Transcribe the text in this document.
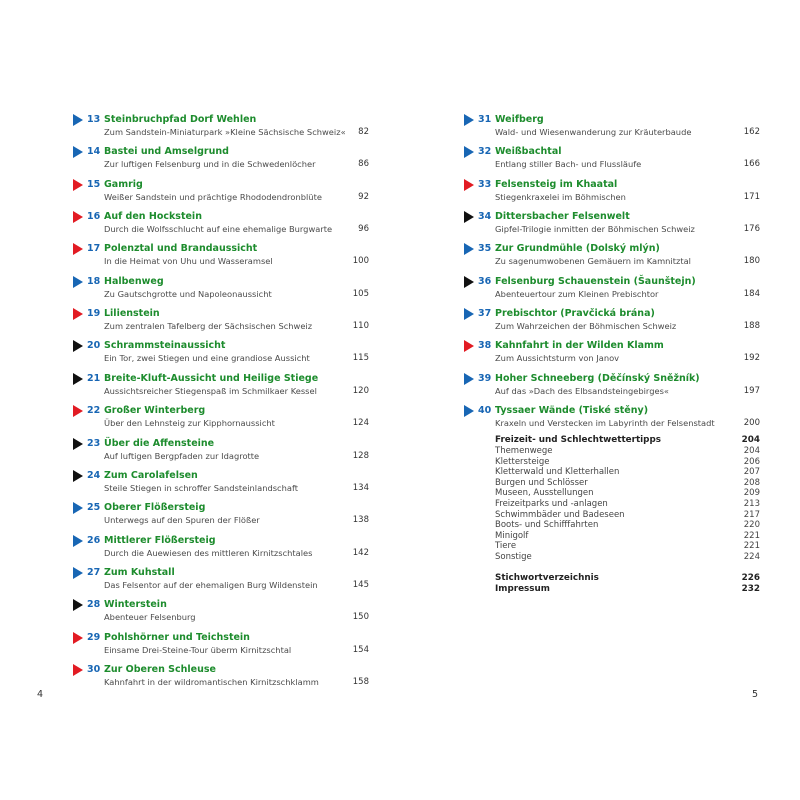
13 Steinbruchpfad Dorf Wehlen
Zum Sandstein-Miniaturpark »Kleine Sächsische Schweiz« 82
14 Bastei und Amselgrund
Zur luftigen Felsenburg und in die Schwedenlöcher	86
15 Gamrig
Weißer Sandstein und prächtige Rhododendronblüte	92
16 Auf den Hockstein
Durch die Wolfsschlucht auf eine ehemalige Burgwarte	96
17 Polenztal und Brandaussicht
In die Heimat von Uhu und Wasseramsel	100
18 Halbenweg
Zu Gautschgrotte und Napoleonaussicht	105
19 Lilienstein
Zum zentralen Tafelberg der Sächsischen Schweiz	110
20 Schrammsteinaussicht
Ein Tor, zwei Stiegen und eine grandiose Aussicht	115
21 Breite-Kluft-Aussicht und Heilige Stiege
Aussichtsreicher Stiegenspaß im Schmilkaer Kessel	120
22 Großer Winterberg
Über den Lehnsteig zur Kipphornaussicht	124
23 Über die Affensteine
Auf luftigen Bergpfaden zur Idagrotte	128
24 Zum Carolafelsen
Steile Stiegen in schroffer Sandsteinlandschaft	134
25 Oberer Flößersteig
Unterwegs auf den Spuren der Flößer	138
26 Mittlerer Flößersteig
Durch die Auewiesen des mittleren Kirnitzschtales	142
27 Zum Kuhstall
Das Felsentor auf der ehemaligen Burg Wildenstein	145
28 Winterstein
Abenteuer Felsenburg	150
29 Pohlshörner und Teichstein
Einsame Drei-Steine-Tour überm Kirnitzschtal	154
30 Zur Oberen Schleuse
Kahnfahrt in der wildromantischen Kirnitzschklamm	158
31 Weifberg
Wald- und Wiesenwanderung zur Kräuterbaude	162
32 Weißbachtal
Entlang stiller Bach- und Flussläufe	166
33 Felsensteig im Khaatal
Stiegenkraxelei im Böhmischen	171
34 Dittersbacher Felsenwelt
Gipfel-Trilogie inmitten der Böhmischen Schweiz	176
35 Zur Grundmühle (Dolský mlýn)
Zu sagenumwobenen Gemäuern im Kamnitztal	180
36 Felsenburg Schauenstein (Šaunštejn)
Abenteuertour zum Kleinen Prebischtor	184
37 Prebischtor (Pravčická brána)
Zum Wahrzeichen der Böhmischen Schweiz	188
38 Kahnfahrt in der Wilden Klamm
Zum Aussichtsturm von Janov	192
39 Hoher Schneeberg (Děčínský Sněžník)
Auf das »Dach des Elbsandsteingebirges«	197
40 Tyssaer Wände (Tiské stěny)
Kraxeln und Verstecken im Labyrinth der Felsenstadt	200
Freizeit- und Schlechtwettertipps	204
Themenwege	204
Klettersteige	206
Kletterwald und Kletterhallen	207
Burgen und Schlösser	208
Museen, Ausstellungen	209
Freizeitparks und -anlagen	213
Schwimmbäder und Badeseen	217
Boots- und Schifffahrten	220
Minigolf	221
Tiere	221
Sonstige	224
Stichwortverzeichnis	226
Impressum	232
4	5
